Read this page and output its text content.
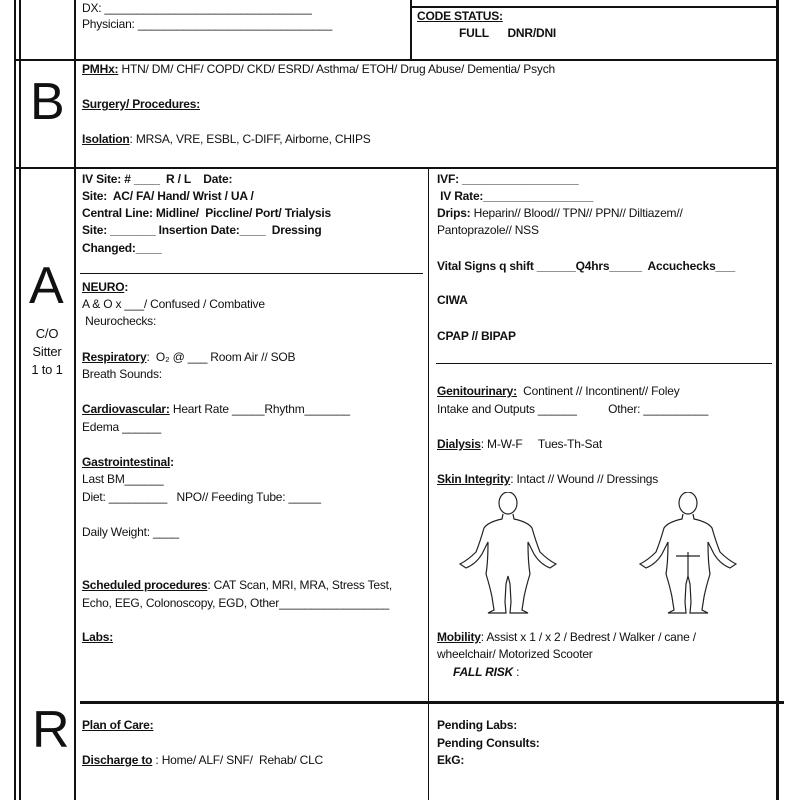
DX: ________________________________
Physician: ______________________________
CODE STATUS:
FULL      DNR/DNI
B
PMHx: HTN/ DM/ CHF/ COPD/ CKD/ ESRD/ Asthma/ ETOH/ Drug Abuse/ Dementia/ Psych
Surgery/ Procedures:
Isolation: MRSA, VRE, ESBL, C-DIFF, Airborne, CHIPS
A
C/O
Sitter
1 to 1
IV Site: # ____  R / L    Date:
Site:  AC/ FA/ Hand/ Wrist / UA /
Central Line: Midline/  Piccline/ Port/ Trialysis
Site: _______ Insertion Date:____  Dressing
Changed:____
NEURO:
A & O x ___/ Confused / Combative
Neurochecks:
Respiratory:  O₂ @ ___ Room Air // SOB
Breath Sounds:
Cardiovascular: Heart Rate _____Rhythm_______
Edema ______
Gastrointestinal:
Last BM______
Diet: _________   NPO// Feeding Tube: _____
Daily Weight: ____
Scheduled procedures: CAT Scan, MRI, MRA, Stress Test,
Echo, EEG, Colonoscopy, EGD, Other_________________
Labs:
IVF: __________________
IV Rate:_________________
Drips: Heparin// Blood// TPN// PPN// Diltiazem//
Pantoprazole// NSS
Vital Signs q shift ______Q4hrs_____  Accuchecks___
CIWA
CPAP // BIPAP
Genitourinary:  Continent // Incontinent// Foley
Intake and Outputs ______          Other: __________
Dialysis: M-W-F     Tues-Th-Sat
Skin Integrity: Intact // Wound // Dressings
Mobility: Assist x 1 / x 2 / Bedrest / Walker / cane /
wheelchair/ Motorized Scooter
FALL RISK :
R Plan of Care:
Discharge to : Home/ ALF/ SNF/  Rehab/ CLC
Pending Labs:
Pending Consults:
EkG:
